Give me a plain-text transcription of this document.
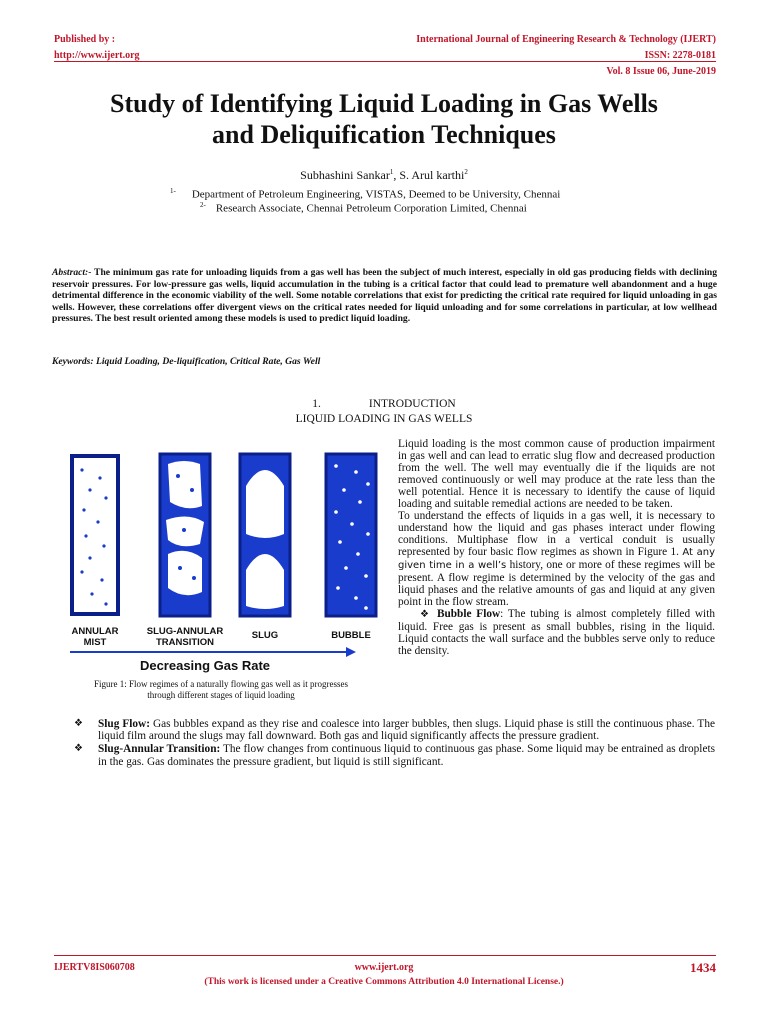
Published by :
http://www.ijert.org
International Journal of Engineering Research & Technology (IJERT)
ISSN: 2278-0181
Vol. 8 Issue 06, June-2019
Study of Identifying Liquid Loading in Gas Wells
and Deliquification Techniques
Subhashini Sankar$^1$, S. Arul karthi$^2$
$^{1-}$ Department of Petroleum Engineering, VISTAS, Deemed to be University, Chennai
$^{2-}$ Research Associate, Chennai Petroleum Corporation Limited, Chennai

Abstract:- The minimum gas rate for unloading liquids from a gas well has been the subject of much interest, especially in old gas producing fields with declining reservoir pressures. For low-pressure gas wells, liquid accumulation in the tubing is a critical factor that could lead to premature well abandonment and a huge detrimental difference in the economic viability of the well. Some notable correlations that exist for predicting the critical rate required for liquid unloading in gas wells. However, these correlations offer divergent views on the critical rates needed for liquid unloading and for some correlations in particular, at low wellhead pressures. The best result oriented among these models is used to predict liquid loading.

Keywords: Liquid Loading, De-liquification, Critical Rate, Gas Well
1.	INTRODUCTION
LIQUID LOADING IN GAS WELLS
ANNULAR
MIST
SLUG-ANNULAR
TRANSITION
SLUG	BUBBLE
Decreasing Gas Rate
Figure 1: Flow regimes of a naturally flowing gas well as it progresses
through different stages of liquid loading

Liquid loading is the most common cause of production impairment in gas well and can lead to erratic slug flow and decreased production from the well. The well may eventually die if the liquids are not removed continuously or well may produce at the rate less than the well potential. Hence it is necessary to identify the cause of liquid loading and suitable remedial actions are needed to be taken.

To understand the effects of liquids in a gas well, it is necessary to understand how the liquid and gas phases interact under flowing conditions. Multiphase flow in a vertical conduit is usually represented by four basic flow regimes as shown in Figure 1. At any given time in a well’s history, one or more of these regimes will be present. A flow regime is determined by the velocity of the gas and liquid phases and the relative amounts of gas and liquid at any given point in the flow stream.

❖ Bubble Flow: The tubing is almost completely filled with liquid. Free gas is present as small bubbles, rising in the liquid. Liquid contacts the wall surface and the bubbles serve only to reduce the density.

❖ Slug Flow: Gas bubbles expand as they rise and coalesce into larger bubbles, then slugs. Liquid phase is still the continuous phase. The liquid film around the slugs may fall downward. Both gas and liquid significantly affects the pressure gradient.
❖ Slug-Annular Transition: The flow changes from continuous liquid to continuous gas phase. Some liquid may be entrained as droplets in the gas. Gas dominates the pressure gradient, but liquid is still significant.
IJERTV8IS060708	www.ijert.org	1434
(This work is licensed under a Creative Commons Attribution 4.0 International License.)
